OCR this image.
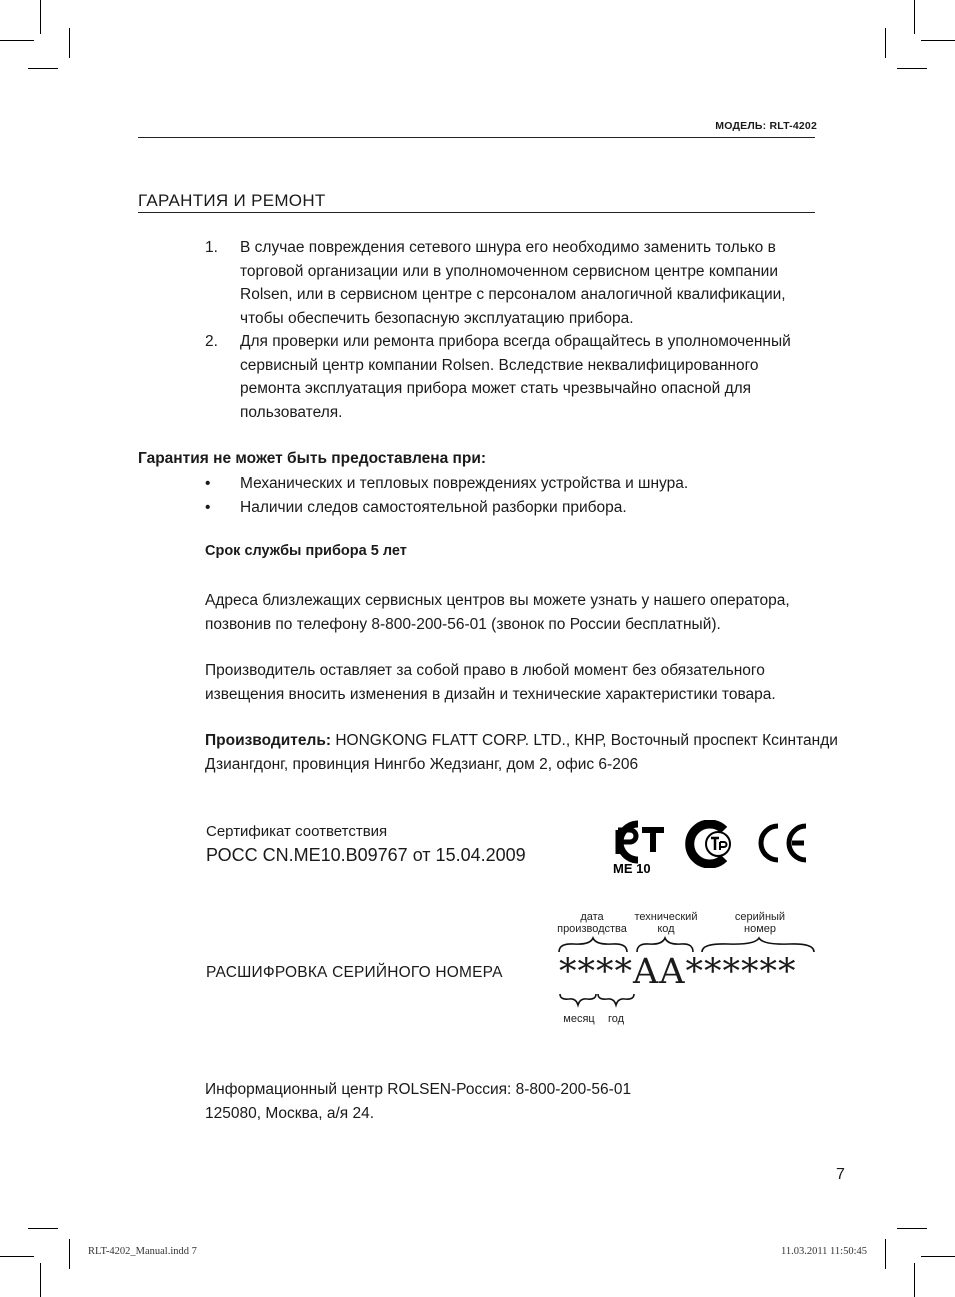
МОДЕЛЬ: RLT-4202
ГАРАНТИЯ И РЕМОНТ
1. В случае повреждения сетевого шнура его необходимо заменить только в
торговой организации или в уполномоченном сервисном центре компании
Rolsen, или в сервисном центре с персоналом аналогичной квалификации,
чтобы обеспечить безопасную эксплуатацию прибора.
2. Для проверки или ремонта прибора всегда обращайтесь в уполномоченный
сервисный центр компании Rolsen. Вследствие неквалифицированного
ремонта эксплуатация прибора может стать чрезвычайно опасной для
пользователя.
Гарантия не может быть предоставлена при:
• Механических и тепловых повреждениях устройства и шнура.
• Наличии следов самостоятельной разборки прибора.
Срок службы прибора 5 лет
Адреса близлежащих сервисных центров вы можете узнать у нашего оператора,
позвонив по телефону 8-800-200-56-01 (звонок по России бесплатный).
Производитель оставляет за собой право в любой момент без обязательного
извещения вносить изменения в дизайн и технические характеристики товара.
Производитель: HONGKONG FLATT CORP. LTD., КНР, Восточный проспект Ксинтанди
Дзиангдонг, провинция Нингбо Жедзианг, дом 2, офис 6-206
Сертификат соответствия
РОСС CN.ME10.B09767 от 15.04.2009
ME 10
РАСШИФРОВКА СЕРИЙНОГО НОМЕРА
дата
производства
технический
код
серийный
номер
****AA******
месяц	год
Информационный центр ROLSEN-Россия: 8-800-200-56-01
125080, Москва, а/я 24.
7
RLT-4202_Manual.indd 7	11.03.2011 11:50:45
